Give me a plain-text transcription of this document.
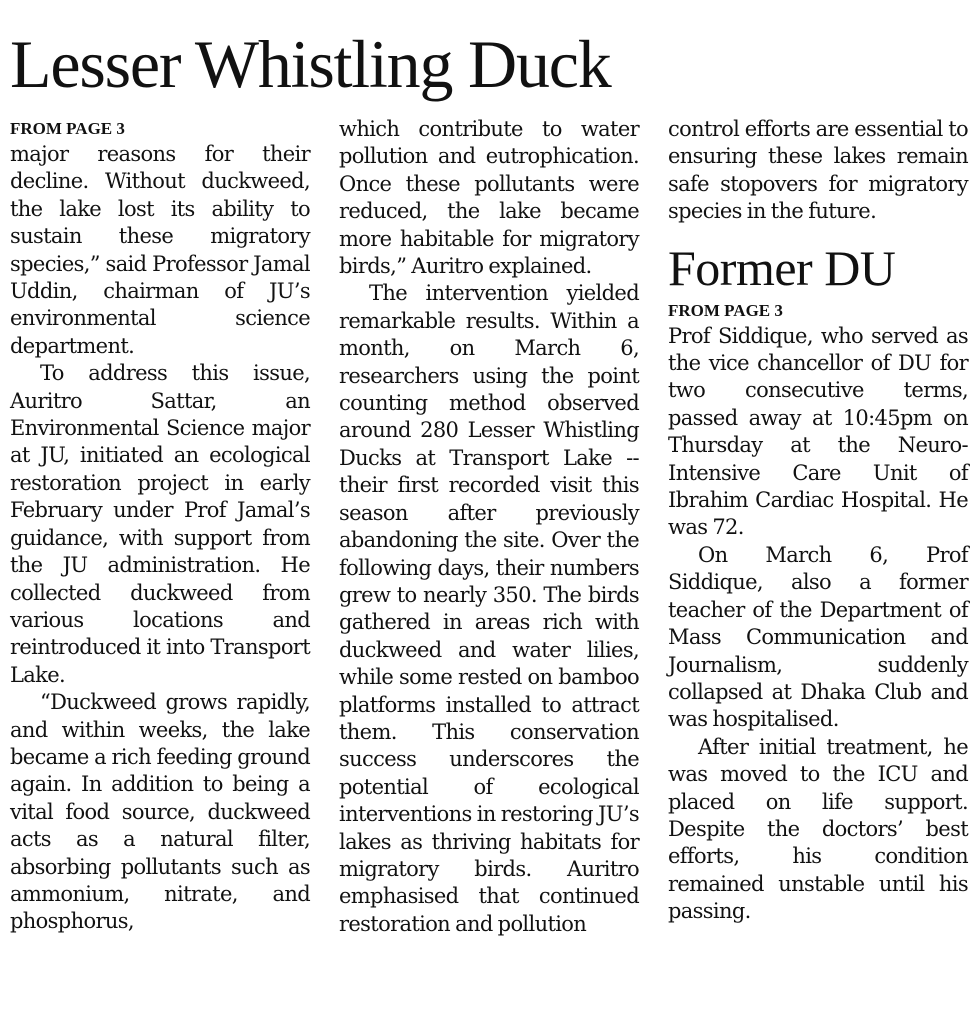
Lesser Whistling Duck
FROM PAGE 3

major reasons for their decline. Without duckweed, the lake lost its ability to sustain these migratory species,” said Professor Jamal Uddin, chairman of JU’s environmental science department.

To address this issue, Auritro Sattar, an Environmental Science major at JU, initiated an ecological restoration project in early February under Prof Jamal’s guidance, with support from the JU administration. He collected duckweed from various locations and reintroduced it into Transport Lake.

“Duckweed grows rapidly, and within weeks, the lake became a rich feeding ground again. In addition to being a vital food source, duckweed acts as a natural filter, absorbing pollutants such as ammonium, nitrate, and phosphorus,

which contribute to water pollution and eutrophication. Once these pollutants were reduced, the lake became more habitable for migratory birds,” Auritro explained.

The intervention yielded remarkable results. Within a month, on March 6, researchers using the point counting method observed around 280 Lesser Whistling Ducks at Transport Lake -- their first recorded visit this season after previously abandoning the site. Over the following days, their numbers grew to nearly 350. The birds gathered in areas rich with duckweed and water lilies, while some rested on bamboo platforms installed to attract them. This conservation success underscores the potential of ecological interventions in restoring JU’s lakes as thriving habitats for migratory birds. Auritro emphasised that continued restoration and pollution

control efforts are essential to ensuring these lakes remain safe stopovers for migratory species in the future.

Former DU
FROM PAGE 3

Prof Siddique, who served as the vice chancellor of DU for two consecutive terms, passed away at 10:45pm on Thursday at the Neuro-Intensive Care Unit of Ibrahim Cardiac Hospital. He was 72.

On March 6, Prof Siddique, also a former teacher of the Department of Mass Communication and Journalism, suddenly collapsed at Dhaka Club and was hospitalised.

After initial treatment, he was moved to the ICU and placed on life support. Despite the doctors’ best efforts, his condition remained unstable until his passing.
